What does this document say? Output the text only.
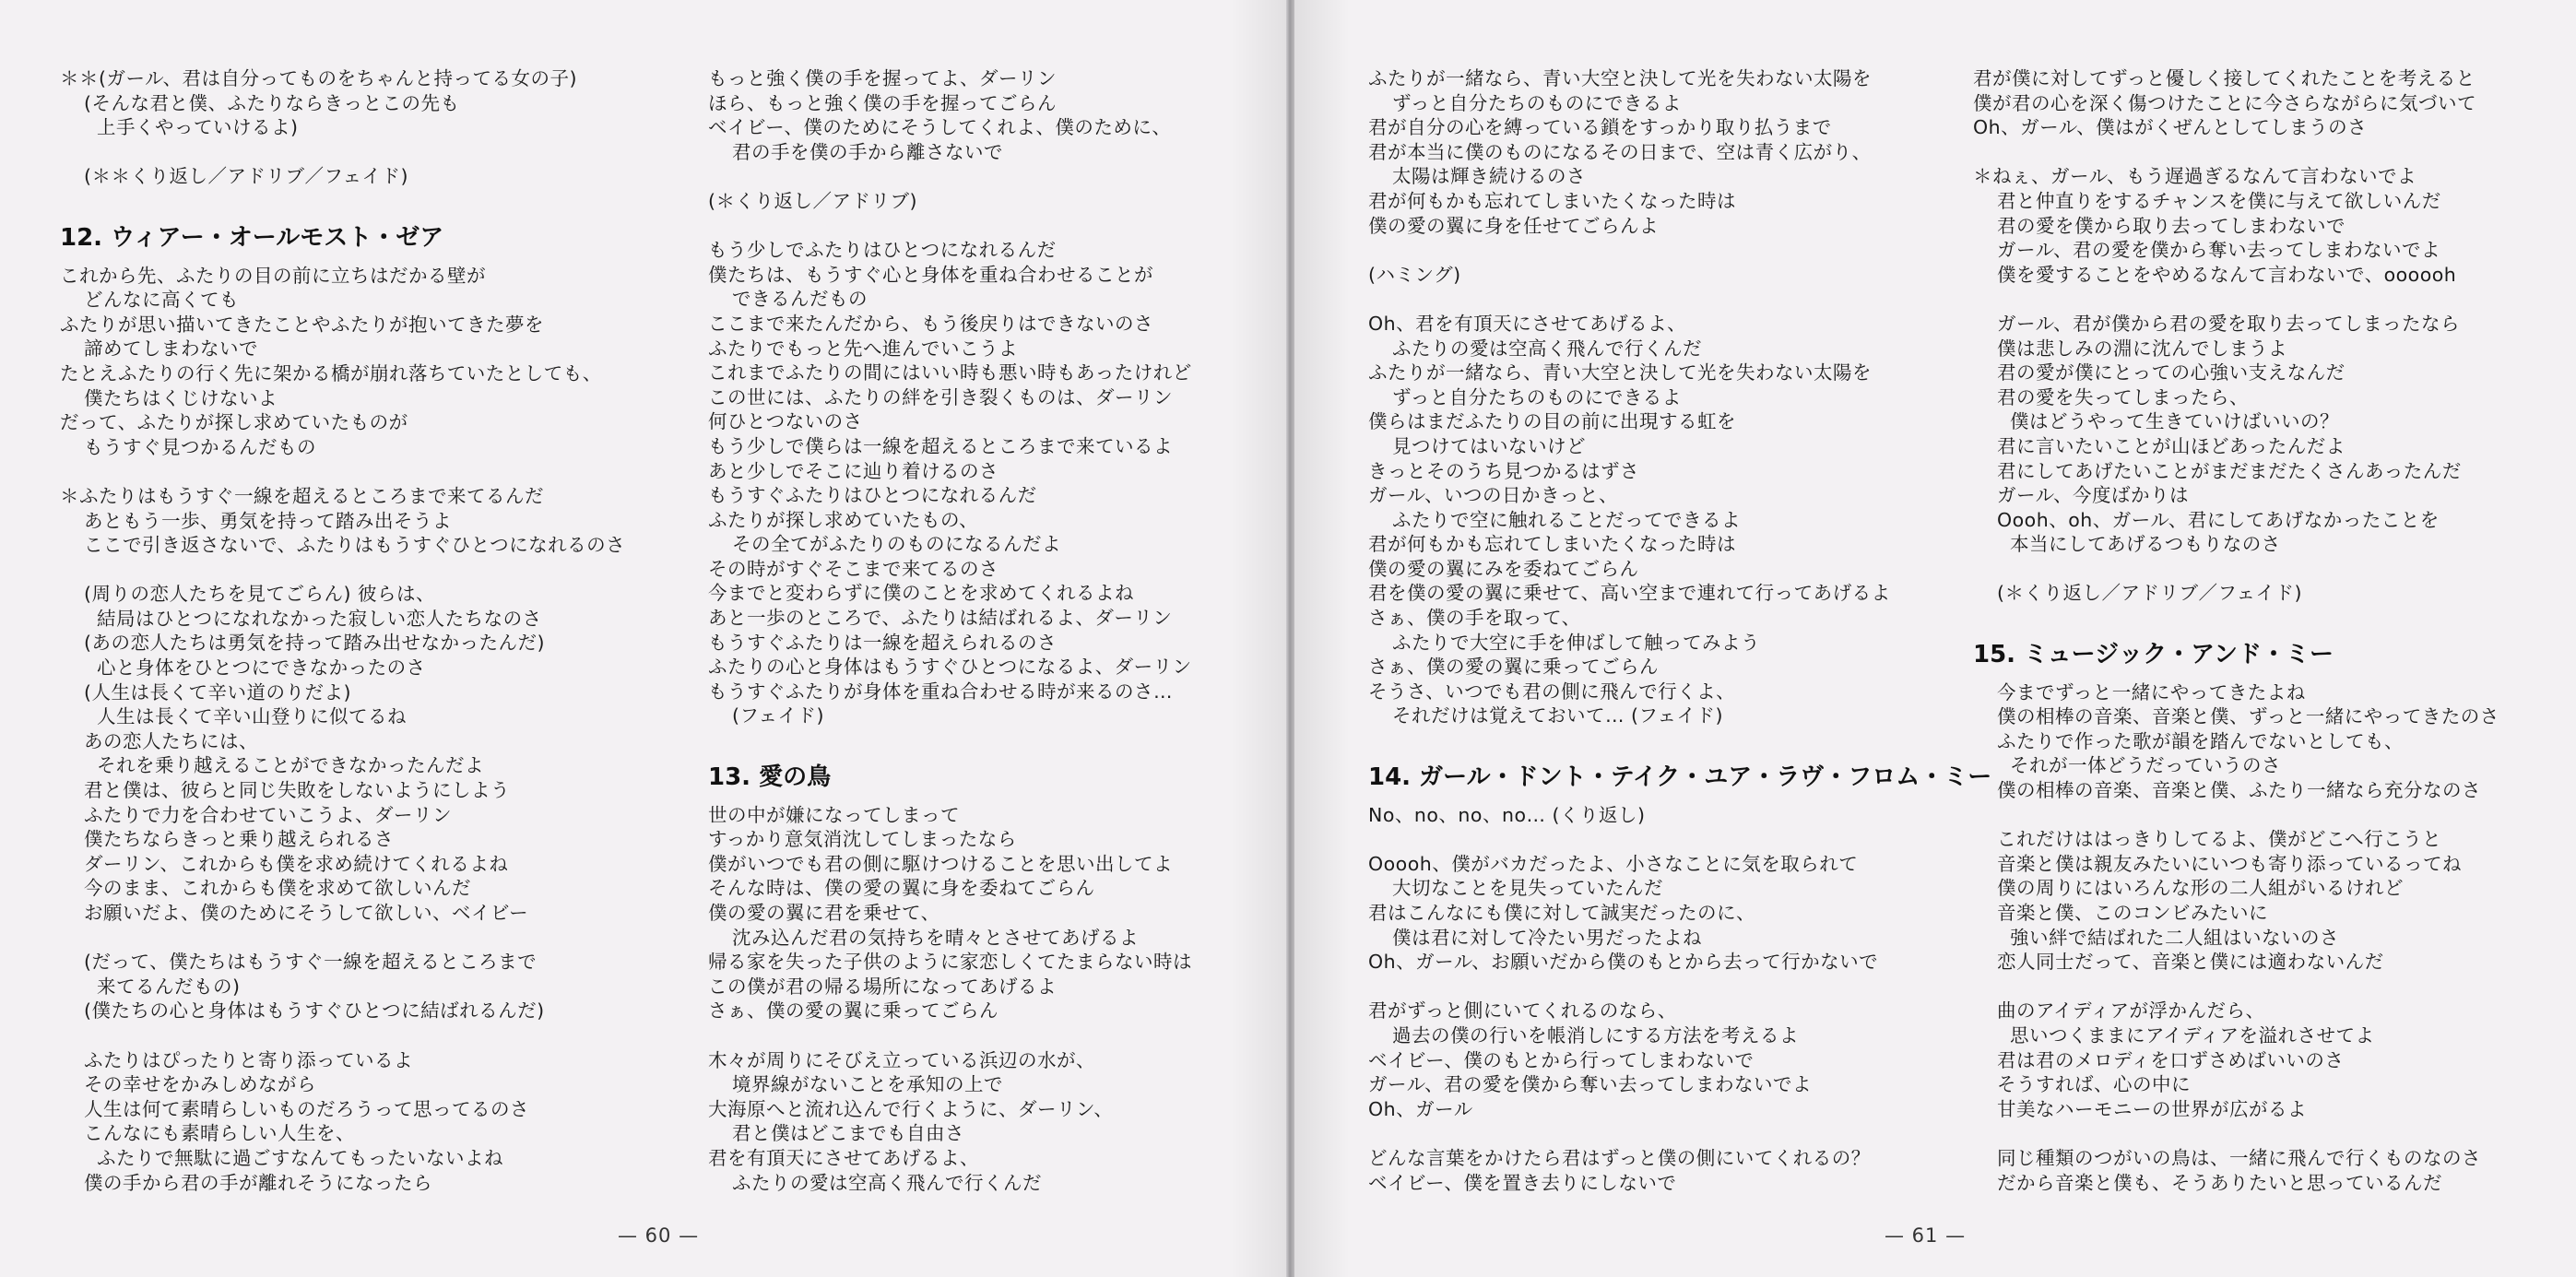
＊＊(ガール、君は自分ってものをちゃんと持ってる女の子)
(そんな君と僕、ふたりならきっとこの先も
上手くやっていけるよ)
(＊＊くり返し／アドリブ／フェイド)
12. ウィアー・オールモスト・ゼア
これから先、ふたりの目の前に立ちはだかる壁が
どんなに高くても
ふたりが思い描いてきたことやふたりが抱いてきた夢を
諦めてしまわないで
たとえふたりの行く先に架かる橋が崩れ落ちていたとしても、
僕たちはくじけないよ
だって、ふたりが探し求めていたものが
もうすぐ見つかるんだもの
＊ふたりはもうすぐ一線を超えるところまで来てるんだ
あともう一歩、勇気を持って踏み出そうよ
ここで引き返さないで、ふたりはもうすぐひとつになれるのさ
(周りの恋人たちを見てごらん) 彼らは、
結局はひとつになれなかった寂しい恋人たちなのさ
(あの恋人たちは勇気を持って踏み出せなかったんだ)
心と身体をひとつにできなかったのさ
(人生は長くて辛い道のりだよ)
人生は長くて辛い山登りに似てるね
あの恋人たちには、
それを乗り越えることができなかったんだよ
君と僕は、彼らと同じ失敗をしないようにしよう
ふたりで力を合わせていこうよ、ダーリン
僕たちならきっと乗り越えられるさ
ダーリン、これからも僕を求め続けてくれるよね
今のまま、これからも僕を求めて欲しいんだ
お願いだよ、僕のためにそうして欲しい、ベイビー
(だって、僕たちはもうすぐ一線を超えるところまで
来てるんだもの)
(僕たちの心と身体はもうすぐひとつに結ばれるんだ)
ふたりはぴったりと寄り添っているよ
その幸せをかみしめながら
人生は何て素晴らしいものだろうって思ってるのさ
こんなにも素晴らしい人生を、
ふたりで無駄に過ごすなんてもったいないよね
僕の手から君の手が離れそうになったら
もっと強く僕の手を握ってよ、ダーリン
ほら、もっと強く僕の手を握ってごらん
ベイビー、僕のためにそうしてくれよ、僕のために、
君の手を僕の手から離さないで
(＊くり返し／アドリブ)
もう少しでふたりはひとつになれるんだ
僕たちは、もうすぐ心と身体を重ね合わせることが
できるんだもの
ここまで来たんだから、もう後戻りはできないのさ
ふたりでもっと先へ進んでいこうよ
これまでふたりの間にはいい時も悪い時もあったけれど
この世には、ふたりの絆を引き裂くものは、ダーリン
何ひとつないのさ
もう少しで僕らは一線を超えるところまで来ているよ
あと少しでそこに辿り着けるのさ
もうすぐふたりはひとつになれるんだ
ふたりが探し求めていたもの、
その全てがふたりのものになるんだよ
その時がすぐそこまで来てるのさ
今までと変わらずに僕のことを求めてくれるよね
あと一歩のところで、ふたりは結ばれるよ、ダーリン
もうすぐふたりは一線を超えられるのさ
ふたりの心と身体はもうすぐひとつになるよ、ダーリン
もうすぐふたりが身体を重ね合わせる時が来るのさ…
(フェイド)
13. 愛の鳥
世の中が嫌になってしまって
すっかり意気消沈してしまったなら
僕がいつでも君の側に駆けつけることを思い出してよ
そんな時は、僕の愛の翼に身を委ねてごらん
僕の愛の翼に君を乗せて、
沈み込んだ君の気持ちを晴々とさせてあげるよ
帰る家を失った子供のように家恋しくてたまらない時は
この僕が君の帰る場所になってあげるよ
さぁ、僕の愛の翼に乗ってごらん
木々が周りにそびえ立っている浜辺の水が、
境界線がないことを承知の上で
大海原へと流れ込んで行くように、ダーリン、
君と僕はどこまでも自由さ
君を有頂天にさせてあげるよ、
ふたりの愛は空高く飛んで行くんだ
— 60 —
ふたりが一緒なら、青い大空と決して光を失わない太陽を
ずっと自分たちのものにできるよ
君が自分の心を縛っている鎖をすっかり取り払うまで
君が本当に僕のものになるその日まで、空は青く広がり、
太陽は輝き続けるのさ
君が何もかも忘れてしまいたくなった時は
僕の愛の翼に身を任せてごらんよ
(ハミング)
Oh、君を有頂天にさせてあげるよ、
ふたりの愛は空高く飛んで行くんだ
ふたりが一緒なら、青い大空と決して光を失わない太陽を
ずっと自分たちのものにできるよ
僕らはまだふたりの目の前に出現する虹を
見つけてはいないけど
きっとそのうち見つかるはずさ
ガール、いつの日かきっと、
ふたりで空に触れることだってできるよ
君が何もかも忘れてしまいたくなった時は
僕の愛の翼にみを委ねてごらん
君を僕の愛の翼に乗せて、高い空まで連れて行ってあげるよ
さぁ、僕の手を取って、
ふたりで大空に手を伸ばして触ってみよう
さぁ、僕の愛の翼に乗ってごらん
そうさ、いつでも君の側に飛んで行くよ、
それだけは覚えておいて… (フェイド)
14. ガール・ドント・テイク・ユア・ラヴ・フロム・ミー
No、no、no、no… (くり返し)
Ooooh、僕がバカだったよ、小さなことに気を取られて
大切なことを見失っていたんだ
君はこんなにも僕に対して誠実だったのに、
僕は君に対して冷たい男だったよね
Oh、ガール、お願いだから僕のもとから去って行かないで
君がずっと側にいてくれるのなら、
過去の僕の行いを帳消しにする方法を考えるよ
ベイビー、僕のもとから行ってしまわないで
ガール、君の愛を僕から奪い去ってしまわないでよ
Oh、ガール
どんな言葉をかけたら君はずっと僕の側にいてくれるの？
ベイビー、僕を置き去りにしないで
君が僕に対してずっと優しく接してくれたことを考えると
僕が君の心を深く傷つけたことに今さらながらに気づいて
Oh、ガール、僕はがくぜんとしてしまうのさ
＊ねぇ、ガール、もう遅過ぎるなんて言わないでよ
君と仲直りをするチャンスを僕に与えて欲しいんだ
君の愛を僕から取り去ってしまわないで
ガール、君の愛を僕から奪い去ってしまわないでよ
僕を愛することをやめるなんて言わないで、oooooh
ガール、君が僕から君の愛を取り去ってしまったなら
僕は悲しみの淵に沈んでしまうよ
君の愛が僕にとっての心強い支えなんだ
君の愛を失ってしまったら、
僕はどうやって生きていけばいいの？
君に言いたいことが山ほどあったんだよ
君にしてあげたいことがまだまだたくさんあったんだ
ガール、今度ばかりは
Oooh、oh、ガール、君にしてあげなかったことを
本当にしてあげるつもりなのさ
(＊くり返し／アドリブ／フェイド)
15. ミュージック・アンド・ミー
今までずっと一緒にやってきたよね
僕の相棒の音楽、音楽と僕、ずっと一緒にやってきたのさ
ふたりで作った歌が韻を踏んでないとしても、
それが一体どうだっていうのさ
僕の相棒の音楽、音楽と僕、ふたり一緒なら充分なのさ
これだけははっきりしてるよ、僕がどこへ行こうと
音楽と僕は親友みたいにいつも寄り添っているってね
僕の周りにはいろんな形の二人組がいるけれど
音楽と僕、このコンビみたいに
強い絆で結ばれた二人組はいないのさ
恋人同士だって、音楽と僕には適わないんだ
曲のアイディアが浮かんだら、
思いつくままにアイディアを溢れさせてよ
君は君のメロディを口ずさめばいいのさ
そうすれば、心の中に
甘美なハーモニーの世界が広がるよ
同じ種類のつがいの鳥は、一緒に飛んで行くものなのさ
だから音楽と僕も、そうありたいと思っているんだ
— 61 —
